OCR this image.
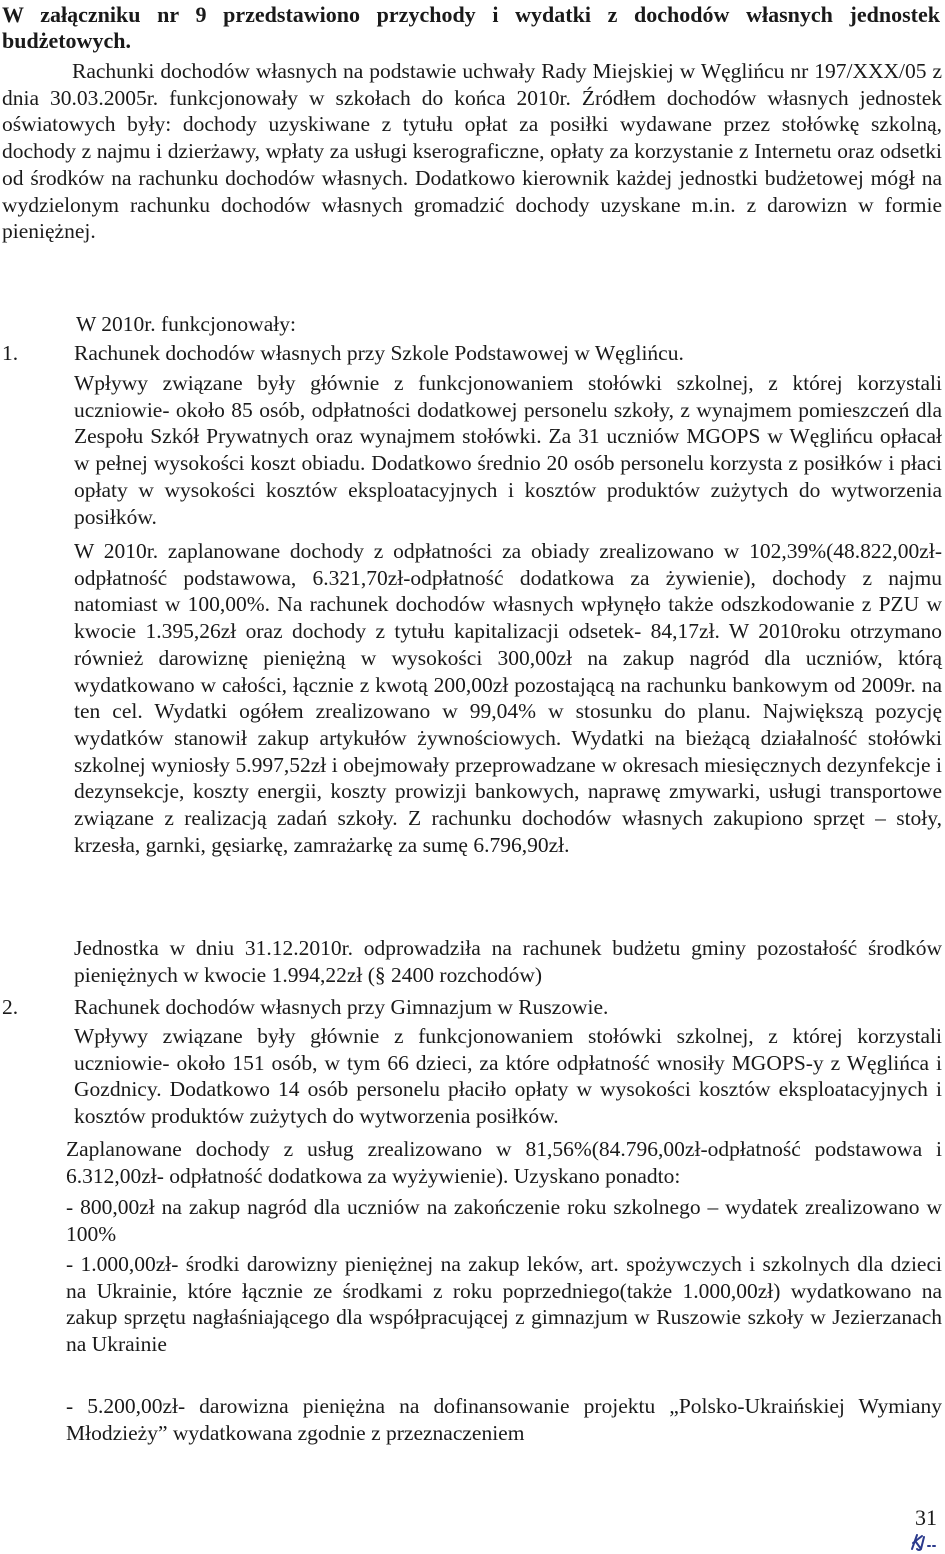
W załączniku nr 9 przedstawiono przychody i wydatki z dochodów własnych jednostek budżetowych.

Rachunki dochodów własnych na podstawie uchwały Rady Miejskiej w Węglińcu nr 197/XXX/05 z dnia 30.03.2005r. funkcjonowały w szkołach do końca 2010r. Źródłem dochodów własnych jednostek oświatowych były: dochody uzyskiwane z tytułu opłat za posiłki wydawane przez stołówkę szkolną, dochody z najmu i dzierżawy, wpłaty za usługi kserograficzne, opłaty za korzystanie z Internetu oraz odsetki od środków na rachunku dochodów własnych. Dodatkowo kierownik każdej jednostki budżetowej mógł na wydzielonym rachunku dochodów własnych gromadzić dochody uzyskane m.in. z darowizn w formie pieniężnej.

W 2010r. funkcjonowały:

1.	Rachunek dochodów własnych przy Szkole Podstawowej w Węglińcu.

Wpływy związane były głównie z funkcjonowaniem stołówki szkolnej, z której korzystali uczniowie- około 85 osób, odpłatności dodatkowej personelu szkoły, z wynajmem pomieszczeń dla Zespołu Szkół Prywatnych oraz wynajmem stołówki. Za 31 uczniów MGOPS w Węglińcu opłacał w pełnej wysokości koszt obiadu. Dodatkowo średnio 20 osób personelu korzysta z posiłków i płaci opłaty w wysokości kosztów eksploatacyjnych i kosztów produktów zużytych do wytworzenia posiłków.

W 2010r. zaplanowane dochody z odpłatności za obiady zrealizowano w 102,39%(48.822,00zł-odpłatność podstawowa, 6.321,70zł-odpłatność dodatkowa za żywienie), dochody z najmu natomiast w 100,00%. Na rachunek dochodów własnych wpłynęło także odszkodowanie z PZU w kwocie 1.395,26zł oraz dochody z tytułu kapitalizacji odsetek- 84,17zł. W 2010roku otrzymano również darowiznę pieniężną w wysokości 300,00zł na zakup nagród dla uczniów, którą wydatkowano w całości, łącznie z kwotą 200,00zł pozostającą na rachunku bankowym od 2009r. na ten cel. Wydatki ogółem zrealizowano w 99,04% w stosunku do planu. Największą pozycję wydatków stanowił zakup artykułów żywnościowych. Wydatki na bieżącą działalność stołówki szkolnej wyniosły 5.997,52zł i obejmowały przeprowadzane w okresach miesięcznych dezynfekcje i dezynsekcje, koszty energii, koszty prowizji bankowych, naprawę zmywarki, usługi transportowe związane z realizacją zadań szkoły. Z rachunku dochodów własnych zakupiono sprzęt – stoły, krzesła, garnki, gęsiarkę, zamrażarkę za sumę 6.796,90zł.

Jednostka w dniu 31.12.2010r. odprowadziła na rachunek budżetu gminy pozostałość środków pieniężnych w kwocie 1.994,22zł (§ 2400 rozchodów)

2.	Rachunek dochodów własnych przy Gimnazjum w Ruszowie.

Wpływy związane były głównie z funkcjonowaniem stołówki szkolnej, z której korzystali uczniowie- około 151 osób, w tym 66 dzieci, za które odpłatność wnosiły MGOPS-y z Węglińca i Gozdnicy. Dodatkowo 14 osób personelu płaciło opłaty w wysokości kosztów eksploatacyjnych i kosztów produktów zużytych do wytworzenia posiłków.

Zaplanowane dochody z usług zrealizowano w 81,56%(84.796,00zł-odpłatność podstawowa i 6.312,00zł- odpłatność dodatkowa za wyżywienie). Uzyskano ponadto:

- 800,00zł na zakup nagród dla uczniów na zakończenie roku szkolnego – wydatek zrealizowano w 100%

- 1.000,00zł- środki darowizny pieniężnej na zakup leków, art. spożywczych i szkolnych dla dzieci na Ukrainie, które łącznie ze środkami z roku poprzedniego(także 1.000,00zł) wydatkowano na zakup sprzętu nagłaśniającego dla współpracującej z gimnazjum w Ruszowie szkoły w Jezierzanach na Ukrainie

- 5.200,00zł- darowizna pieniężna na dofinansowanie projektu „Polsko-Ukraińskiej Wymiany Młodzieży” wydatkowana zgodnie z przeznaczeniem

31
